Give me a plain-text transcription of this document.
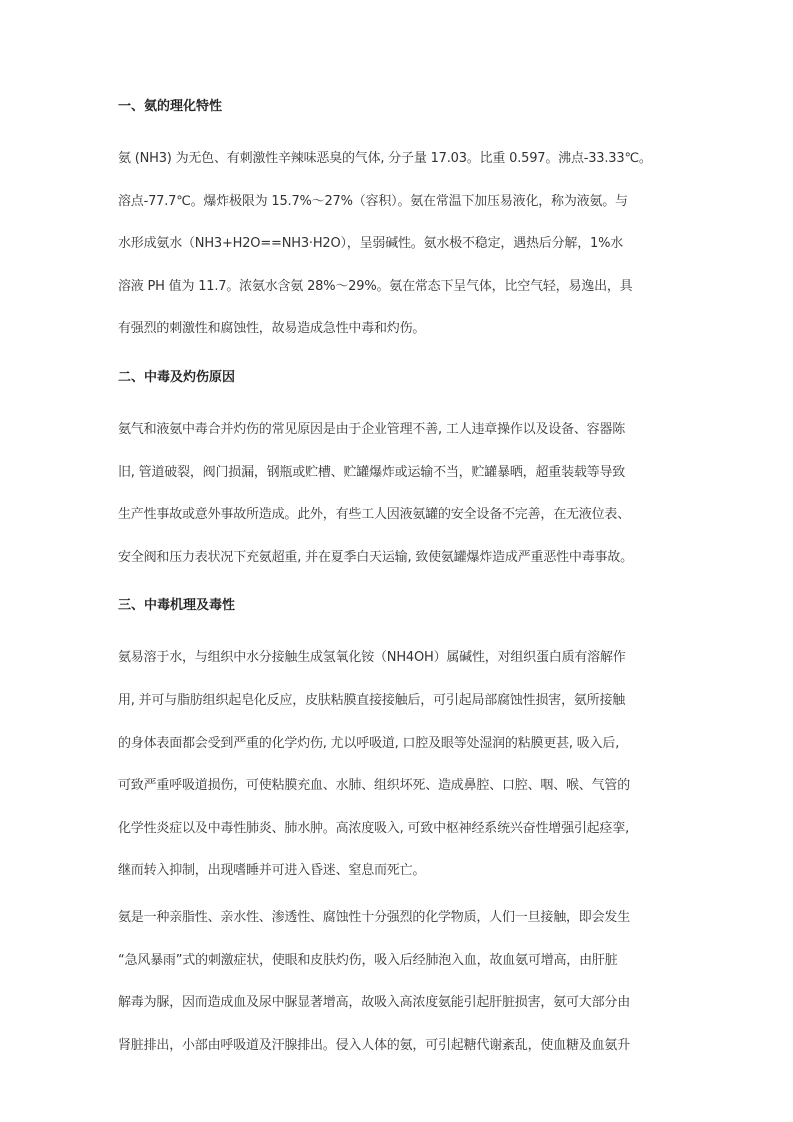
一、氨的理化特性

氨 (NH3) 为无色、有刺激性辛辣味恶臭的气体, 分子量 17.03。比重 0.597。沸点-33.33℃。
溶点-77.7℃。爆炸极限为 15.7%～27%（容积）。氨在常温下加压易液化，称为液氨。与
水形成氨水（NH3+H2O==NH3·H2O），呈弱碱性。氨水极不稳定，遇热后分解，1%水
溶液 PH 值为 11.7。浓氨水含氨 28%～29%。氨在常态下呈气体，比空气轻，易逸出，具
有强烈的刺激性和腐蚀性，故易造成急性中毒和灼伤。

二、中毒及灼伤原因

氨气和液氨中毒合并灼伤的常见原因是由于企业管理不善, 工人违章操作以及设备、容器陈
旧, 管道破裂，阀门损漏，钢瓶或贮槽、贮罐爆炸或运输不当，贮罐暴晒，超重装载等导致
生产性事故或意外事故所造成。此外，有些工人因液氨罐的安全设备不完善，在无液位表、
安全阀和压力表状况下充氨超重, 并在夏季白天运输, 致使氨罐爆炸造成严重恶性中毒事故。

三、中毒机理及毒性

氨易溶于水，与组织中水分接触生成氢氧化铵（NH4OH）属碱性，对组织蛋白质有溶解作
用, 并可与脂肪组织起皂化反应，皮肤粘膜直接接触后，可引起局部腐蚀性损害，氨所接触
的身体表面都会受到严重的化学灼伤, 尤以呼吸道, 口腔及眼等处湿润的粘膜更甚, 吸入后,
可致严重呼吸道损伤，可使粘膜充血、水肺、组织坏死、造成鼻腔、口腔、咽、喉、气管的
化学性炎症以及中毒性肺炎、肺水肿。高浓度吸入, 可致中枢神经系统兴奋性增强引起痉挛,
继而转入抑制，出现嗜睡并可进入昏迷、窒息而死亡。

氨是一种亲脂性、亲水性、渗透性、腐蚀性十分强烈的化学物质，人们一旦接触，即会发生
“急风暴雨”式的刺激症状，使眼和皮肤灼伤，吸入后经肺泡入血，故血氨可增高，由肝脏
解毒为脲，因而造成血及尿中脲显著增高，故吸入高浓度氨能引起肝脏损害，氨可大部分由
肾脏排出，小部由呼吸道及汗腺排出。侵入人体的氨，可引起糖代谢紊乱，使血糖及血氨升
